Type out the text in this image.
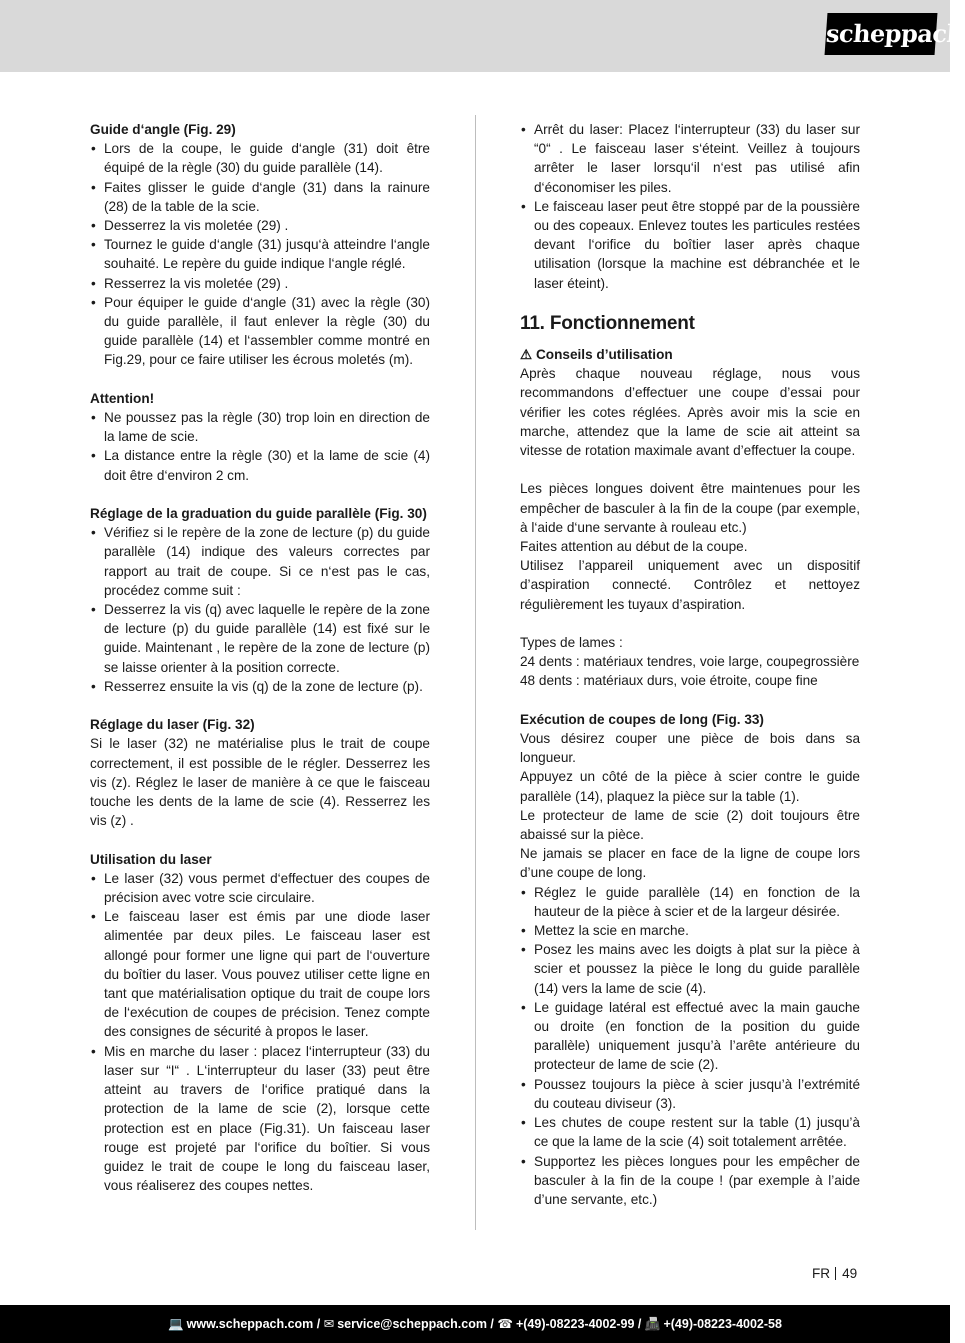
scheppach

Guide d‘angle (Fig. 29)

• Lors de la coupe, le guide d‘angle (31) doit être équipé de la règle (30) du guide parallèle (14).
• Faites glisser le guide d‘angle (31) dans la rainure (28) de la table de la scie.
• Desserrez la vis moletée (29) .
• Tournez le guide d‘angle (31) jusqu‘à atteindre l‘angle souhaité. Le repère du guide indique l‘angle réglé.
• Resserrez la vis moletée (29) .
• Pour équiper le guide d‘angle (31) avec la règle (30) du guide parallèle, il faut enlever la règle (30) du guide parallèle (14) et l‘assembler comme montré en Fig.29, pour ce faire utiliser les écrous moletés (m).

Attention!

• Ne poussez pas la règle (30) trop loin en direction de la lame de scie.
• La distance entre la règle (30) et la lame de scie (4) doit être d‘environ 2 cm.

Réglage de la graduation du guide parallèle (Fig. 30)

• Vérifiez si le repère de la zone de lecture (p) du guide parallèle (14) indique des valeurs correctes par rapport au trait de coupe. Si ce n‘est pas le cas, procédez comme suit :
• Desserrez la vis (q) avec laquelle le repère de la zone de lecture (p) du guide parallèle (14) est fixé sur le guide. Maintenant , le repère de la zone de lecture (p) se laisse orienter à la position correcte.
• Resserrez ensuite la vis (q) de la zone de lecture (p).

Réglage du laser (Fig. 32)

Si le laser (32) ne matérialise plus le trait de coupe correctement, il est possible de le régler. Desserrez les vis (z). Réglez le laser de manière à ce que le faisceau touche les dents de la lame de scie (4). Resserrez les vis (z) .

Utilisation du laser

• Le laser (32) vous permet d‘effectuer des coupes de précision avec votre scie circulaire.
• Le faisceau laser est émis par une diode laser alimentée par deux piles. Le faisceau laser est allongé pour former une ligne qui part de l‘ouverture du boîtier du laser. Vous pouvez utiliser cette ligne en tant que matérialisation optique du trait de coupe lors de l‘exécution de coupes de précision. Tenez compte des consignes de sécurité à propos le laser.
• Mis en marche du laser : placez l‘interrupteur (33) du laser sur “I“ . L‘interrupteur du laser (33) peut être atteint au travers de l‘orifice pratiqué dans la protection de la lame de scie (2), lorsque cette protection est en place (Fig.31). Un faisceau laser rouge est projeté par l‘orifice du boîtier. Si vous guidez le trait de coupe le long du faisceau laser, vous réaliserez des coupes nettes.
• Arrêt du laser: Placez l‘interrupteur (33) du laser sur “0“ . Le faisceau laser s‘éteint. Veillez à toujours arrêter le laser lorsqu‘il n‘est pas utilisé afin d‘économiser les piles.
• Le faisceau laser peut être stoppé par de la poussière ou des copeaux. Enlevez toutes les particules restées devant l‘orifice du boîtier laser après chaque utilisation (lorsque la machine est débranchée et le laser éteint).

11. Fonctionnement

⚠ Conseils d’utilisation

Après chaque nouveau réglage, nous vous recommandons d’effectuer une coupe d’essai pour vérifier les cotes réglées. Après avoir mis la scie en marche, attendez que la lame de scie ait atteint sa vitesse de rotation maximale avant d’effectuer la coupe.

Les pièces longues doivent être maintenues pour les empêcher de basculer à la fin de la coupe (par exemple, à l‘aide d‘une servante à rouleau etc.)

Faites attention au début de la coupe.

Utilisez l’appareil uniquement avec un dispositif d’aspiration connecté. Contrôlez et nettoyez régulièrement les tuyaux d’aspiration.

Types de lames :

24 dents : matériaux tendres, voie large, coupegrossière

48 dents : matériaux durs, voie étroite, coupe fine

Exécution de coupes de long (Fig. 33)

Vous désirez couper une pièce de bois dans sa longueur.

Appuyez un côté de la pièce à scier contre le guide parallèle (14), plaquez la pièce sur la table (1).

Le protecteur de lame de scie (2) doit toujours être abaissé sur la pièce.

Ne jamais se placer en face de la ligne de coupe lors d’une coupe de long.

• Réglez le guide parallèle (14) en fonction de la hauteur de la pièce à scier et de la largeur désirée.
• Mettez la scie en marche.
• Posez les mains avec les doigts à plat sur la pièce à scier et poussez la pièce le long du guide parallèle (14) vers la lame de scie (4).
• Le guidage latéral est effectué avec la main gauche ou droite (en fonction de la position du guide parallèle) uniquement jusqu’à l’arête antérieure du protecteur de lame de scie (2).
• Poussez toujours la pièce à scier jusqu’à l’extrémité du couteau diviseur (3).
• Les chutes de coupe restent sur la table (1) jusqu’à ce que la lame de la scie (4) soit totalement arrêtée.
• Supportez les pièces longues pour les empêcher de basculer à la fin de la coupe ! (par exemple à l’aide d’une servante, etc.)
FR 49
💻 www.scheppach.com / ✉ service@scheppach.com / ☎ +(49)-08223-4002-99 / 📠 +(49)-08223-4002-58
